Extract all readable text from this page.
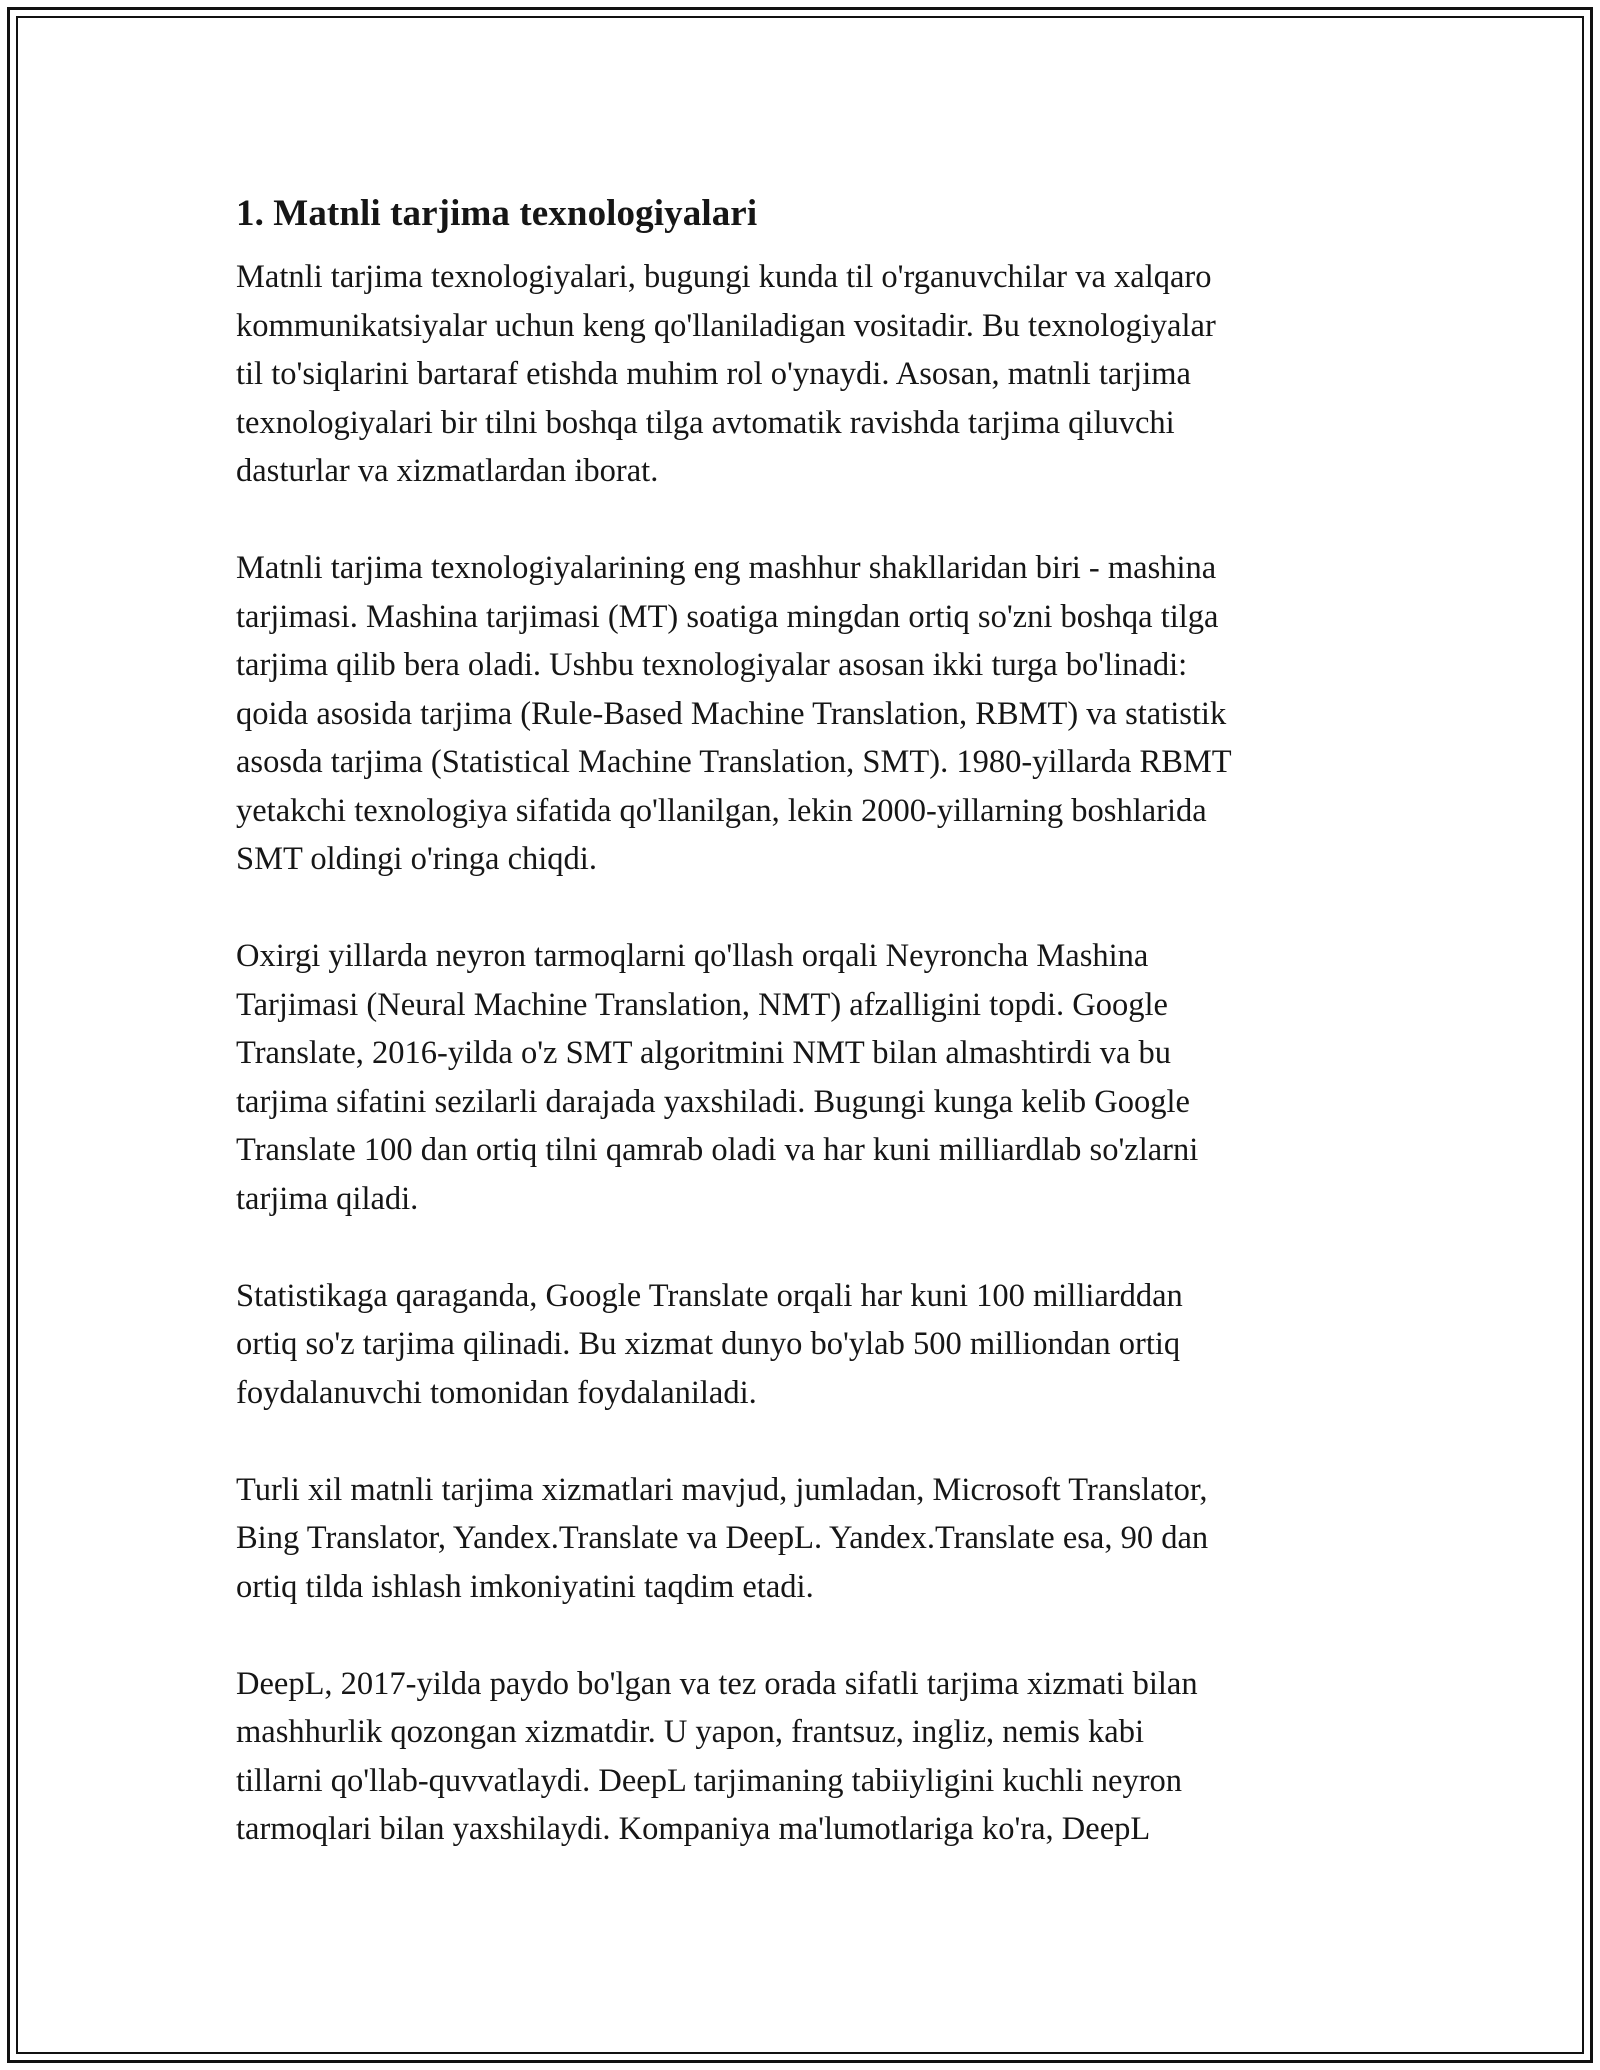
1. Matnli tarjima texnologiyalari

Matnli tarjima texnologiyalari, bugungi kunda til o'rganuvchilar va xalqaro
kommunikatsiyalar uchun keng qo'llaniladigan vositadir. Bu texnologiyalar
til to'siqlarini bartaraf etishda muhim rol o'ynaydi. Asosan, matnli tarjima
texnologiyalari bir tilni boshqa tilga avtomatik ravishda tarjima qiluvchi
dasturlar va xizmatlardan iborat.

Matnli tarjima texnologiyalarining eng mashhur shakllaridan biri - mashina
tarjimasi. Mashina tarjimasi (MT) soatiga mingdan ortiq so'zni boshqa tilga
tarjima qilib bera oladi. Ushbu texnologiyalar asosan ikki turga bo'linadi:
qoida asosida tarjima (Rule-Based Machine Translation, RBMT) va statistik
asosda tarjima (Statistical Machine Translation, SMT). 1980-yillarda RBMT
yetakchi texnologiya sifatida qo'llanilgan, lekin 2000-yillarning boshlarida
SMT oldingi o'ringa chiqdi.

Oxirgi yillarda neyron tarmoqlarni qo'llash orqali Neyroncha Mashina
Tarjimasi (Neural Machine Translation, NMT) afzalligini topdi. Google
Translate, 2016-yilda o'z SMT algoritmini NMT bilan almashtirdi va bu
tarjima sifatini sezilarli darajada yaxshiladi. Bugungi kunga kelib Google
Translate 100 dan ortiq tilni qamrab oladi va har kuni milliardlab so'zlarni
tarjima qiladi.

Statistikaga qaraganda, Google Translate orqali har kuni 100 milliarddan
ortiq so'z tarjima qilinadi. Bu xizmat dunyo bo'ylab 500 milliondan ortiq
foydalanuvchi tomonidan foydalaniladi.

Turli xil matnli tarjima xizmatlari mavjud, jumladan, Microsoft Translator,
Bing Translator, Yandex.Translate va DeepL. Yandex.Translate esa, 90 dan
ortiq tilda ishlash imkoniyatini taqdim etadi.

DeepL, 2017-yilda paydo bo'lgan va tez orada sifatli tarjima xizmati bilan
mashhurlik qozongan xizmatdir. U yapon, frantsuz, ingliz, nemis kabi
tillarni qo'llab-quvvatlaydi. DeepL tarjimaning tabiiyligini kuchli neyron
tarmoqlari bilan yaxshilaydi. Kompaniya ma'lumotlariga ko'ra, DeepL
